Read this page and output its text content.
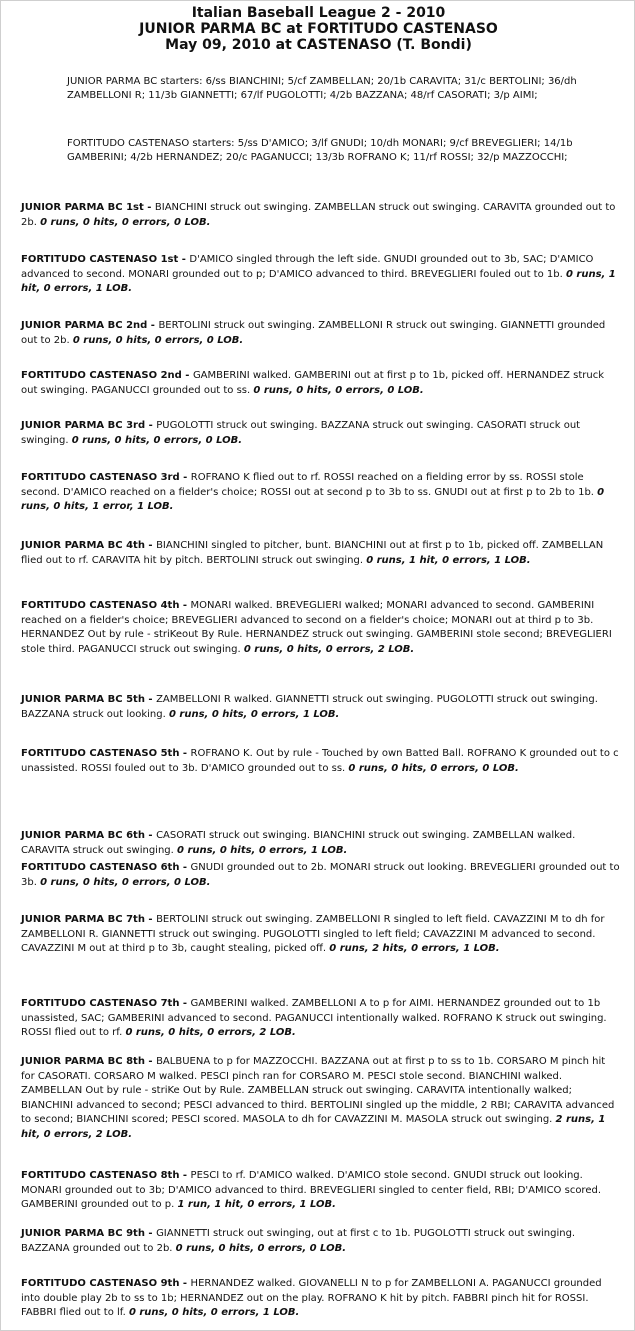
Italian Baseball League 2 - 2010
JUNIOR PARMA BC at FORTITUDO CASTENASO
May 09, 2010 at CASTENASO (T. Bondi)
JUNIOR PARMA BC starters: 6/ss BIANCHINI; 5/cf ZAMBELLAN; 20/1b CARAVITA; 31/c BERTOLINI; 36/dh ZAMBELLONI R; 11/3b GIANNETTI; 67/lf PUGOLOTTI; 4/2b BAZZANA; 48/rf CASORATI; 3/p AIMI;
FORTITUDO CASTENASO starters: 5/ss D'AMICO; 3/lf GNUDI; 10/dh MONARI; 9/cf BREVEGLIERI; 14/1b GAMBERINI; 4/2b HERNANDEZ; 20/c PAGANUCCI; 13/3b ROFRANO K; 11/rf ROSSI; 32/p MAZZOCCHI;
JUNIOR PARMA BC 1st - BIANCHINI struck out swinging. ZAMBELLAN struck out swinging. CARAVITA grounded out to 2b. 0 runs, 0 hits, 0 errors, 0 LOB.
FORTITUDO CASTENASO 1st - D'AMICO singled through the left side. GNUDI grounded out to 3b, SAC; D'AMICO advanced to second. MONARI grounded out to p; D'AMICO advanced to third. BREVEGLIERI fouled out to 1b. 0 runs, 1 hit, 0 errors, 1 LOB.
JUNIOR PARMA BC 2nd - BERTOLINI struck out swinging. ZAMBELLONI R struck out swinging. GIANNETTI grounded out to 2b. 0 runs, 0 hits, 0 errors, 0 LOB.
FORTITUDO CASTENASO 2nd - GAMBERINI walked. GAMBERINI out at first p to 1b, picked off. HERNANDEZ struck out swinging. PAGANUCCI grounded out to ss. 0 runs, 0 hits, 0 errors, 0 LOB.
JUNIOR PARMA BC 3rd - PUGOLOTTI struck out swinging. BAZZANA struck out swinging. CASORATI struck out swinging. 0 runs, 0 hits, 0 errors, 0 LOB.
FORTITUDO CASTENASO 3rd - ROFRANO K flied out to rf. ROSSI reached on a fielding error by ss. ROSSI stole second. D'AMICO reached on a fielder's choice; ROSSI out at second p to 3b to ss. GNUDI out at first p to 2b to 1b. 0 runs, 0 hits, 1 error, 1 LOB.
JUNIOR PARMA BC 4th - BIANCHINI singled to pitcher, bunt. BIANCHINI out at first p to 1b, picked off. ZAMBELLAN flied out to rf. CARAVITA hit by pitch. BERTOLINI struck out swinging. 0 runs, 1 hit, 0 errors, 1 LOB.
FORTITUDO CASTENASO 4th - MONARI walked. BREVEGLIERI walked; MONARI advanced to second. GAMBERINI reached on a fielder's choice; BREVEGLIERI advanced to second on a fielder's choice; MONARI out at third p to 3b. HERNANDEZ Out by rule - striKeout By Rule. HERNANDEZ struck out swinging. GAMBERINI stole second; BREVEGLIERI stole third. PAGANUCCI struck out swinging. 0 runs, 0 hits, 0 errors, 2 LOB.
JUNIOR PARMA BC 5th - ZAMBELLONI R walked. GIANNETTI struck out swinging. PUGOLOTTI struck out swinging. BAZZANA struck out looking. 0 runs, 0 hits, 0 errors, 1 LOB.
FORTITUDO CASTENASO 5th - ROFRANO K. Out by rule - Touched by own Batted Ball. ROFRANO K grounded out to c unassisted. ROSSI fouled out to 3b. D'AMICO grounded out to ss. 0 runs, 0 hits, 0 errors, 0 LOB.
JUNIOR PARMA BC 6th - CASORATI struck out swinging. BIANCHINI struck out swinging. ZAMBELLAN walked. CARAVITA struck out swinging. 0 runs, 0 hits, 0 errors, 1 LOB.
FORTITUDO CASTENASO 6th - GNUDI grounded out to 2b. MONARI struck out looking. BREVEGLIERI grounded out to 3b. 0 runs, 0 hits, 0 errors, 0 LOB.
JUNIOR PARMA BC 7th - BERTOLINI struck out swinging. ZAMBELLONI R singled to left field. CAVAZZINI M to dh for ZAMBELLONI R. GIANNETTI struck out swinging. PUGOLOTTI singled to left field; CAVAZZINI M advanced to second. CAVAZZINI M out at third p to 3b, caught stealing, picked off. 0 runs, 2 hits, 0 errors, 1 LOB.
FORTITUDO CASTENASO 7th - GAMBERINI walked. ZAMBELLONI A to p for AIMI. HERNANDEZ grounded out to 1b unassisted, SAC; GAMBERINI advanced to second. PAGANUCCI intentionally walked. ROFRANO K struck out swinging. ROSSI flied out to rf. 0 runs, 0 hits, 0 errors, 2 LOB.
JUNIOR PARMA BC 8th - BALBUENA to p for MAZZOCCHI. BAZZANA out at first p to ss to 1b. CORSARO M pinch hit for CASORATI. CORSARO M walked. PESCI pinch ran for CORSARO M. PESCI stole second. BIANCHINI walked. ZAMBELLAN Out by rule - striKe Out by Rule. ZAMBELLAN struck out swinging. CARAVITA intentionally walked; BIANCHINI advanced to second; PESCI advanced to third. BERTOLINI singled up the middle, 2 RBI; CARAVITA advanced to second; BIANCHINI scored; PESCI scored. MASOLA to dh for CAVAZZINI M. MASOLA struck out swinging. 2 runs, 1 hit, 0 errors, 2 LOB.
FORTITUDO CASTENASO 8th - PESCI to rf. D'AMICO walked. D'AMICO stole second. GNUDI struck out looking. MONARI grounded out to 3b; D'AMICO advanced to third. BREVEGLIERI singled to center field, RBI; D'AMICO scored. GAMBERINI grounded out to p. 1 run, 1 hit, 0 errors, 1 LOB.
JUNIOR PARMA BC 9th - GIANNETTI struck out swinging, out at first c to 1b. PUGOLOTTI struck out swinging. BAZZANA grounded out to 2b. 0 runs, 0 hits, 0 errors, 0 LOB.
FORTITUDO CASTENASO 9th - HERNANDEZ walked. GIOVANELLI N to p for ZAMBELLONI A. PAGANUCCI grounded into double play 2b to ss to 1b; HERNANDEZ out on the play. ROFRANO K hit by pitch. FABBRI pinch hit for ROSSI. FABBRI flied out to lf. 0 runs, 0 hits, 0 errors, 1 LOB.
